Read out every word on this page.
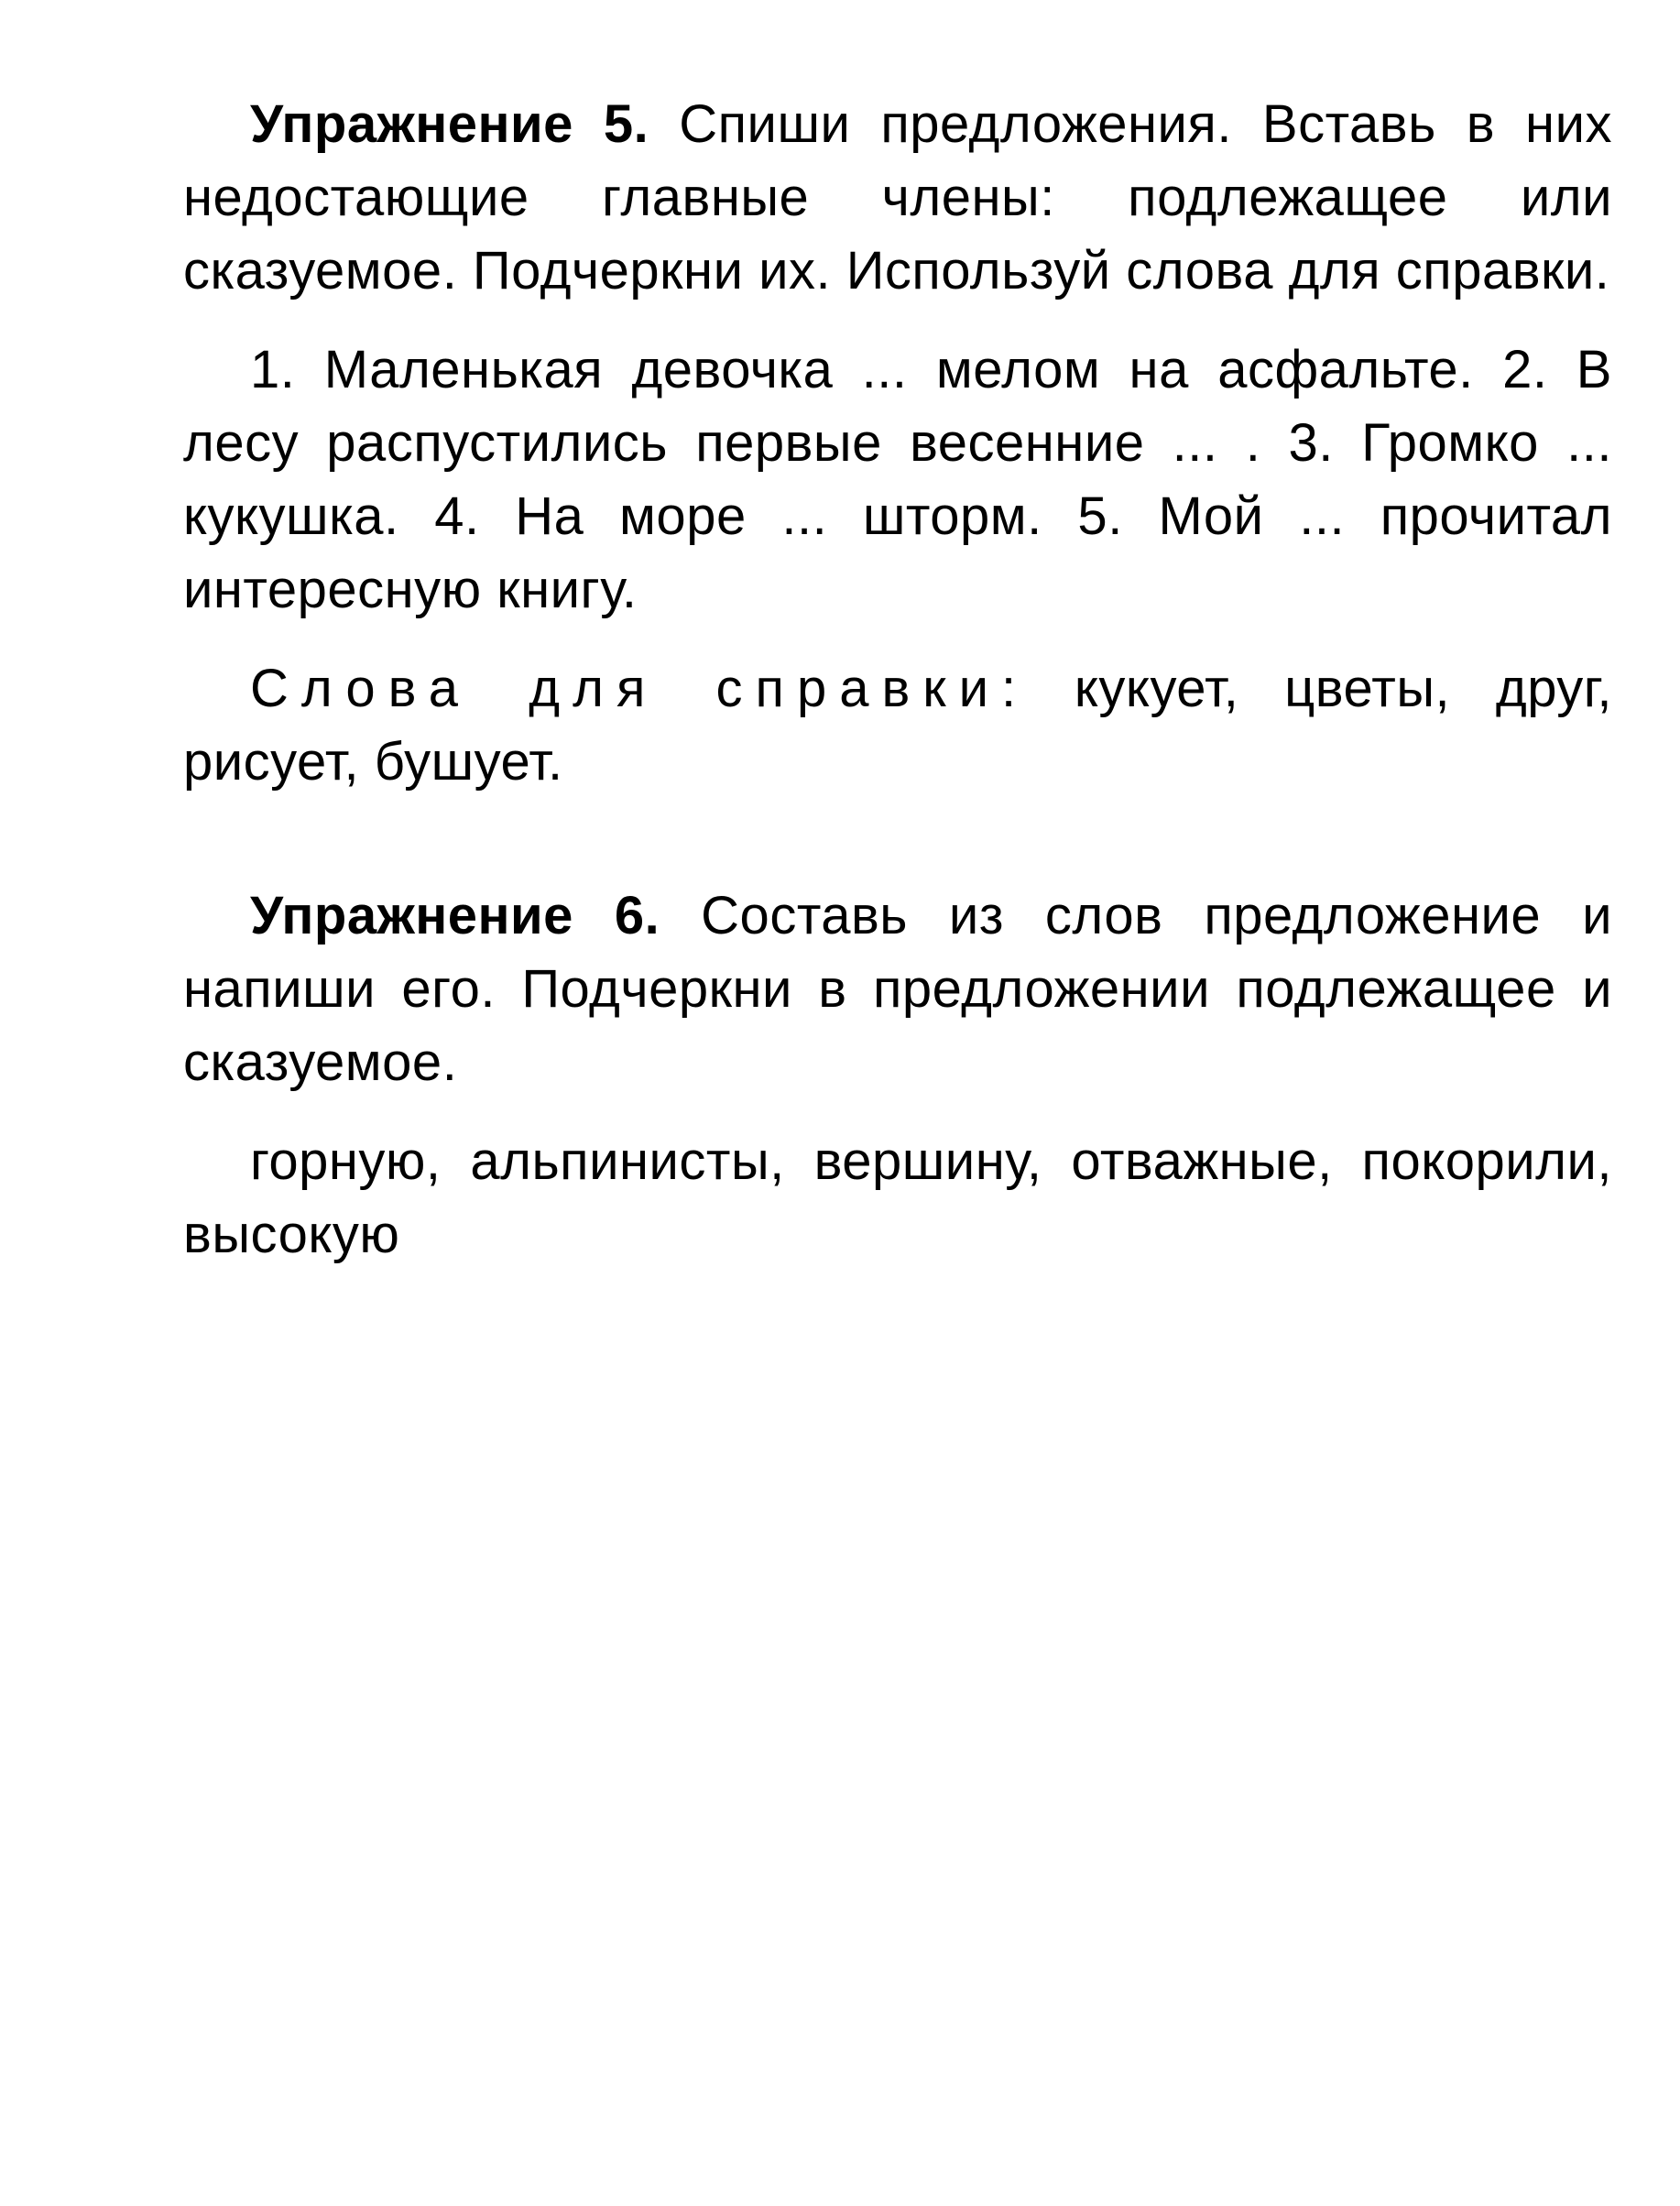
Упражнение 5. Спиши предложения. Вставь в них недостающие главные члены: подлежащее или сказуемое. Подчеркни их. Используй слова для справки.

1. Маленькая девочка ... мелом на асфальте. 2. В лесу распустились первые весенние ... . 3. Громко ... кукушка. 4. На море ... шторм. 5. Мой ... прочитал интересную книгу.

Слова для справки: кукует, цветы, друг, рисует, бушует.

Упражнение 6. Составь из слов предложение и напиши его. Подчеркни в предложении подлежащее и сказуемое.

горную, альпинисты, вершину, отважные, покорили, высокую
